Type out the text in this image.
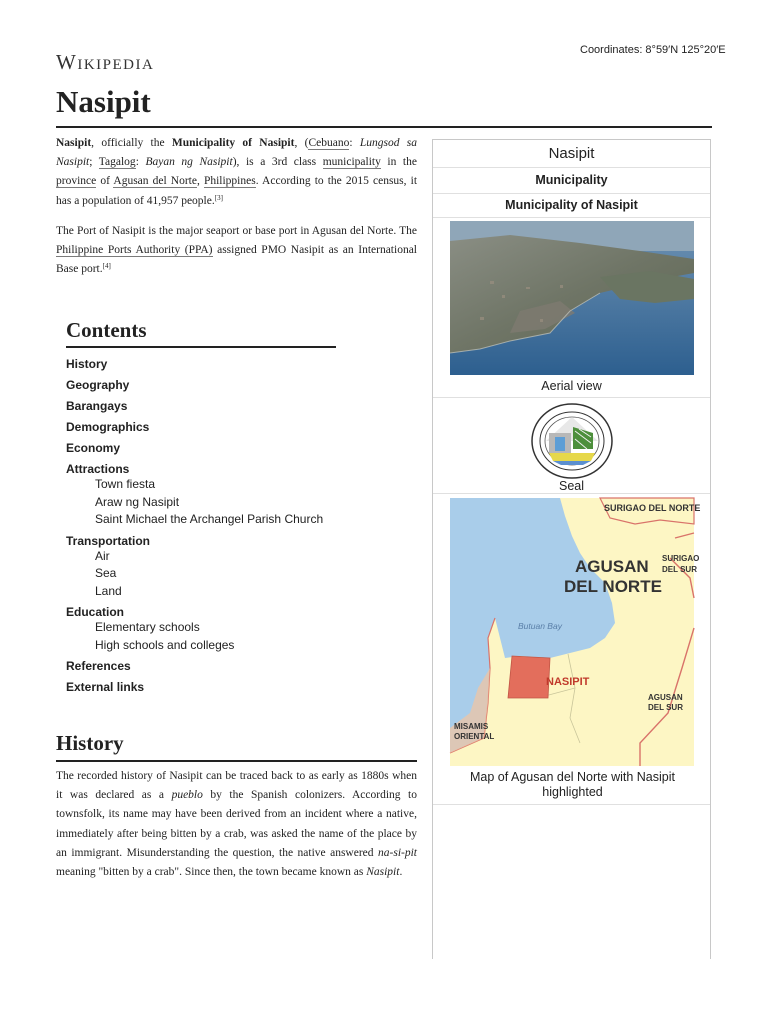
Wikipedia	Coordinates: 8°59′N 125°20′E
Nasipit

Nasipit, officially the Municipality of Nasipit, (Cebuano: Lungsod sa Nasipit; Tagalog: Bayan ng Nasipit), is a 3rd class municipality in the province of Agusan del Norte, Philippines. According to the 2015 census, it has a population of 41,957 people.[3]

The Port of Nasipit is the major seaport or base port in Agusan del Norte. The Philippine Ports Authority (PPA) assigned PMO Nasipit as an International Base port.[4]

Contents
History
Geography
Barangays
Demographics
Economy
Attractions
Town fiesta
Araw ng Nasipit
Saint Michael the Archangel Parish Church
Transportation
Air
Sea
Land
Education
Elementary schools
High schools and colleges
References
External links
History

The recorded history of Nasipit can be traced back to as early as 1880s when it was declared as a pueblo by the Spanish colonizers. According to townsfolk, its name may have been derived from an incident where a native, immediately after being bitten by a crab, was asked the name of the place by an immigrant. Misunderstanding the question, the native answered na-si-pit meaning "bitten by a crab". Since then, the town became known as Nasipit.

Nasipit
Municipality
Municipality of Nasipit
Aerial view
Seal
SURIGAO DEL NORTE
SURIGAO
DEL SUR
AGUSAN
DEL NORTE
Butuan Bay
NASIPIT
AGUSAN
DEL SUR
MISAMIS
ORIENTAL
Map of Agusan del Norte with Nasipit highlighted
